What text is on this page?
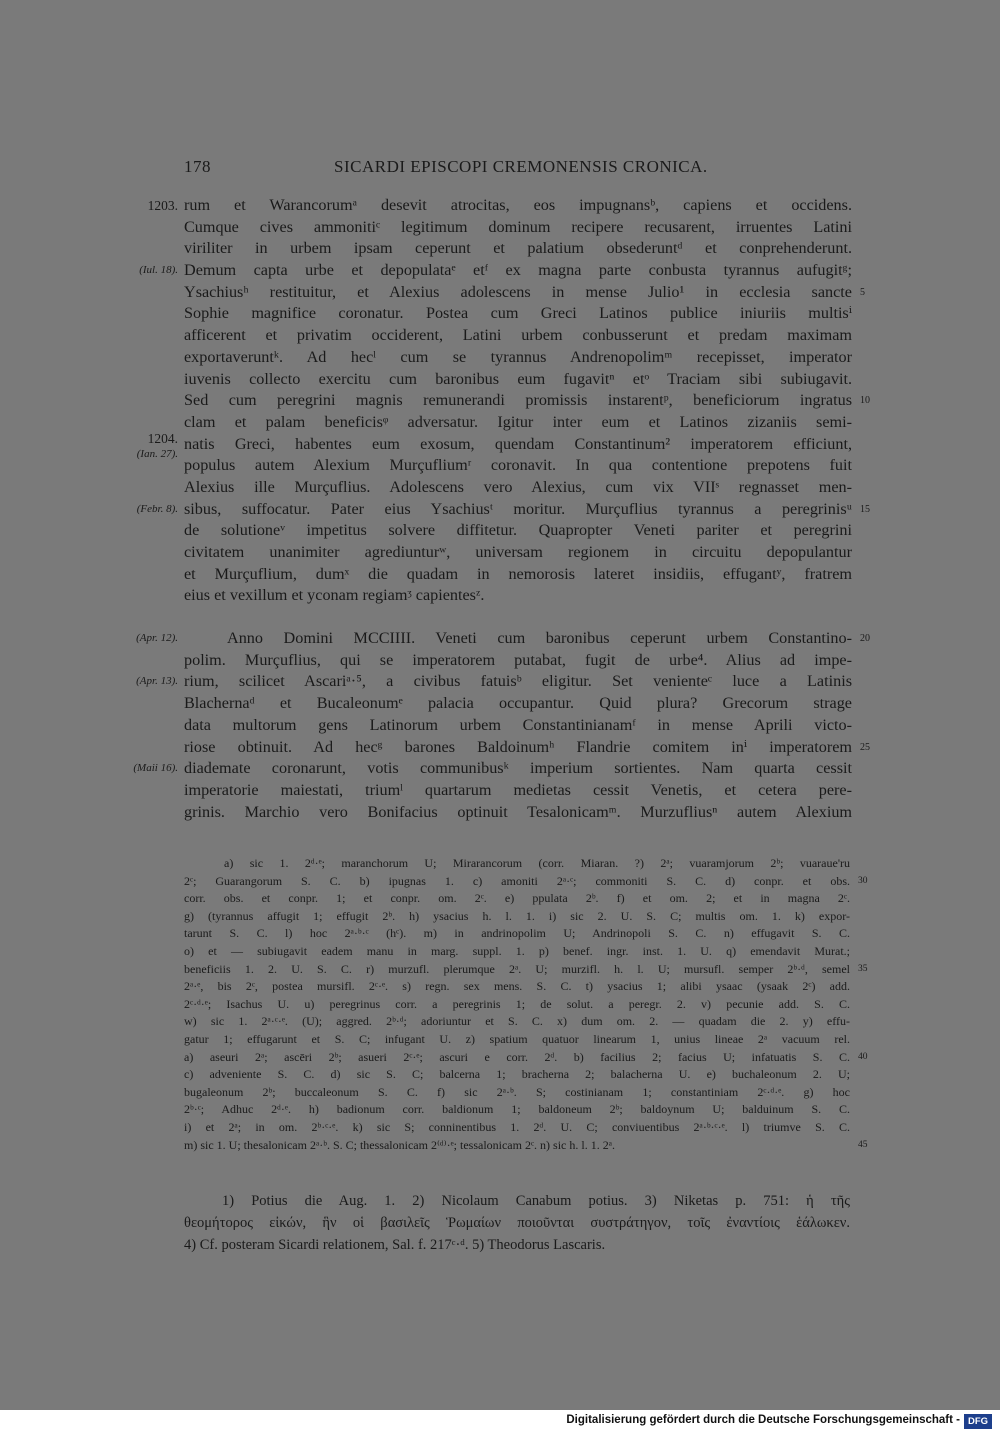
178	SICARDI EPISCOPI CREMONENSIS CRONICA.
rum et Warancorumᵃ desevit atrocitas, eos impugnansᵇ, capiens et occidens.
1203.
Cumque cives ammonitiᶜ legitimum dominum recipere recusarent, irruentes Latini
viriliter in urbem ipsam ceperunt et palatium obsederuntᵈ et conprehenderunt.
Demum capta urbe et depopulataᵉ etᶠ ex magna parte conbusta tyrannus aufugitᵍ;
(Iul. 18).
Ysachiusʰ restituitur, et Alexius adolescens in mense Julio¹ in ecclesia sancte 5
Sophie magnifice coronatur. Postea cum Greci Latinos publice iniuriis multisⁱ
afficerent et privatim occiderent, Latini urbem conbusserunt et predam maximam
exportaveruntᵏ. Ad hecˡ cum se tyrannus Andrenopolimᵐ recepisset, imperator
iuvenis collecto exercitu cum baronibus eum fugavitⁿ etᵒ Traciam sibi subiugavit.
Sed cum peregrini magnis remunerandi promissis instarentᵖ, beneficiorum ingratus 10
clam et palam beneficisᵠ adversatur. Igitur inter eum et Latinos zizaniis semi-
natis Greci, habentes eum exosum, quendam Constantinum² imperatorem efficiunt,
1204.
(Ian. 27).
populus autem Alexium Murçufliumʳ coronavit. In qua contentione prepotens fuit
Alexius ille Murçuflius. Adolescens vero Alexius, cum vix VIIˢ regnasset men-
sibus, suffocatur. Pater eius Ysachiusᵗ moritur. Murçuflius tyrannus a peregrinisᵘ
(Febr. 8).	15
de solutioneᵛ impetitus solvere diffitetur. Quapropter Veneti pariter et peregrini
civitatem unanimiter agrediunturʷ, universam regionem in circuitu depopulantur
et Murçuflium, dumˣ die quadam in nemorosis lateret insidiis, effugantʸ, fratrem
eius et vexillum et yconam regiamᶾ capientesᶻ.
Anno Domini MCCIIII. Veneti cum baronibus ceperunt urbem Constantino-
(Apr. 12).	20
polim. Murçuflius, qui se imperatorem putabat, fugit de urbe⁴. Alius ad impe-
rium, scilicet Ascariᵃ·⁵, a civibus fatuisᵇ eligitur. Set venienteᶜ luce a Latinis
(Apr. 13).
Blachernaᵈ et Bucaleonumᵉ palacia occupantur. Quid plura? Grecorum strage
data multorum gens Latinorum urbem Constantinianamᶠ in mense Aprili victo-
riose obtinuit. Ad hecᵍ barones Baldoinumʰ Flandrie comitem inⁱ imperatorem 25
diademate coronarunt, votis communibusᵏ imperium sortientes. Nam quarta cessit
(Maii 16).
imperatorie maiestati, triumˡ quartarum medietas cessit Venetis, et cetera pere-
grinis. Marchio vero Bonifacius optinuit Tesalonicamᵐ. Murzufliusⁿ autem Alexium
a) sic 1. 2ᵈ·ᵉ; maranchorum U; Mirarancorum (corr. Miaran. ?) 2ᵃ; vuaramjorum 2ᵇ; vuaraue'ru
2ᶜ; Guarangorum S. C. b) ipugnas 1. c) amoniti 2ᵃ·ᶜ; commoniti S. C. d) conpr. et obs. 30
corr. obs. et conpr. 1; et conpr. om. 2ᶜ. e) ppulata 2ᵇ. f) et om. 2; et in magna 2ᶜ.
g) (tyrannus affugit 1; effugit 2ᵇ. h) ysacius h. l. 1. i) sic 2. U. S. C; multis om. 1. k) expor-
tarunt S. C. l) hoc 2ᵃ·ᵇ·ᶜ (hᶜ). m) in andrinopolim U; Andrinopoli S. C. n) effugavit S. C.
o) et — subiugavit eadem manu in marg. suppl. 1. p) benef. ingr. inst. 1. U. q) emendavit Murat.;
beneficiis 1. 2. U. S. C. r) murzufl. plerumque 2ᵃ. U; murzifl. h. l. U; mursufl. semper 2ᵇ·ᵈ, semel 35
2ᵃ·ᵉ, bis 2ᶜ, postea mursifl. 2ᶜ·ᵉ. s) regn. sex mens. S. C. t) ysacius 1; alibi ysaac (ysaak 2ᶜ) add.
2ᶜ·ᵈ·ᵉ; Isachus U. u) peregrinus corr. a peregrinis 1; de solut. a peregr. 2. v) pecunie add. S. C.
w) sic 1. 2ᵃ·ᶜ·ᵉ. (U); aggred. 2ᵇ·ᵈ; adoriuntur et S. C. x) dum om. 2. — quadam die 2. y) effu-
gatur 1; effugarunt et S. C; infugant U. z) spatium quatuor linearum 1, unius lineae 2ᵃ vacuum rel.
a) aseuri 2ᵃ; ascēri 2ᵇ; asueri 2ᶜ·ᵉ; ascuri e corr. 2ᵈ. b) facilius 2; facius U; infatuatis S. C. 40
c) adveniente S. C. d) sic S. C; balcerna 1; bracherna 2; balacherna U. e) buchaleonum 2. U;
bugaleonum 2ᵇ; buccaleonum S. C. f) sic 2ᵃ·ᵇ. S; costinianam 1; constantiniam 2ᶜ·ᵈ·ᵉ. g) hoc
2ᵇ·ᶜ; Adhuc 2ᵈ·ᵉ. h) badionum corr. baldionum 1; baldoneum 2ᵇ; baldoynum U; balduinum S. C.
i) et 2ᵃ; in om. 2ᵇ·ᶜ·ᵉ. k) sic S; conninentibus 1. 2ᵈ. U. C; conviuentibus 2ᵃ·ᵇ·ᶜ·ᵉ. l) triumve S. C.
m) sic 1. U; thesalonicam 2ᵃ·ᵇ. S. C; thessalonicam 2⁽ᵈ⁾·ᵉ; tessalonicam 2ᶜ. n) sic h. l. 1. 2ᵃ.	45
1) Potius die Aug. 1. 2) Nicolaum Canabum potius. 3) Niketas p. 751: ἡ τῆς
θεομήτορος εἰκών, ἣν οἱ βασιλεῖς Ῥωμαίων ποιοῦνται συστράτηγον, τοῖς ἐναντίοις ἑάλωκεν.
4) Cf. posteram Sicardi relationem, Sal. f. 217ᶜ·ᵈ. 5) Theodorus Lascaris.
Digitalisierung gefördert durch die Deutsche Forschungsgemeinschaft - DFG
